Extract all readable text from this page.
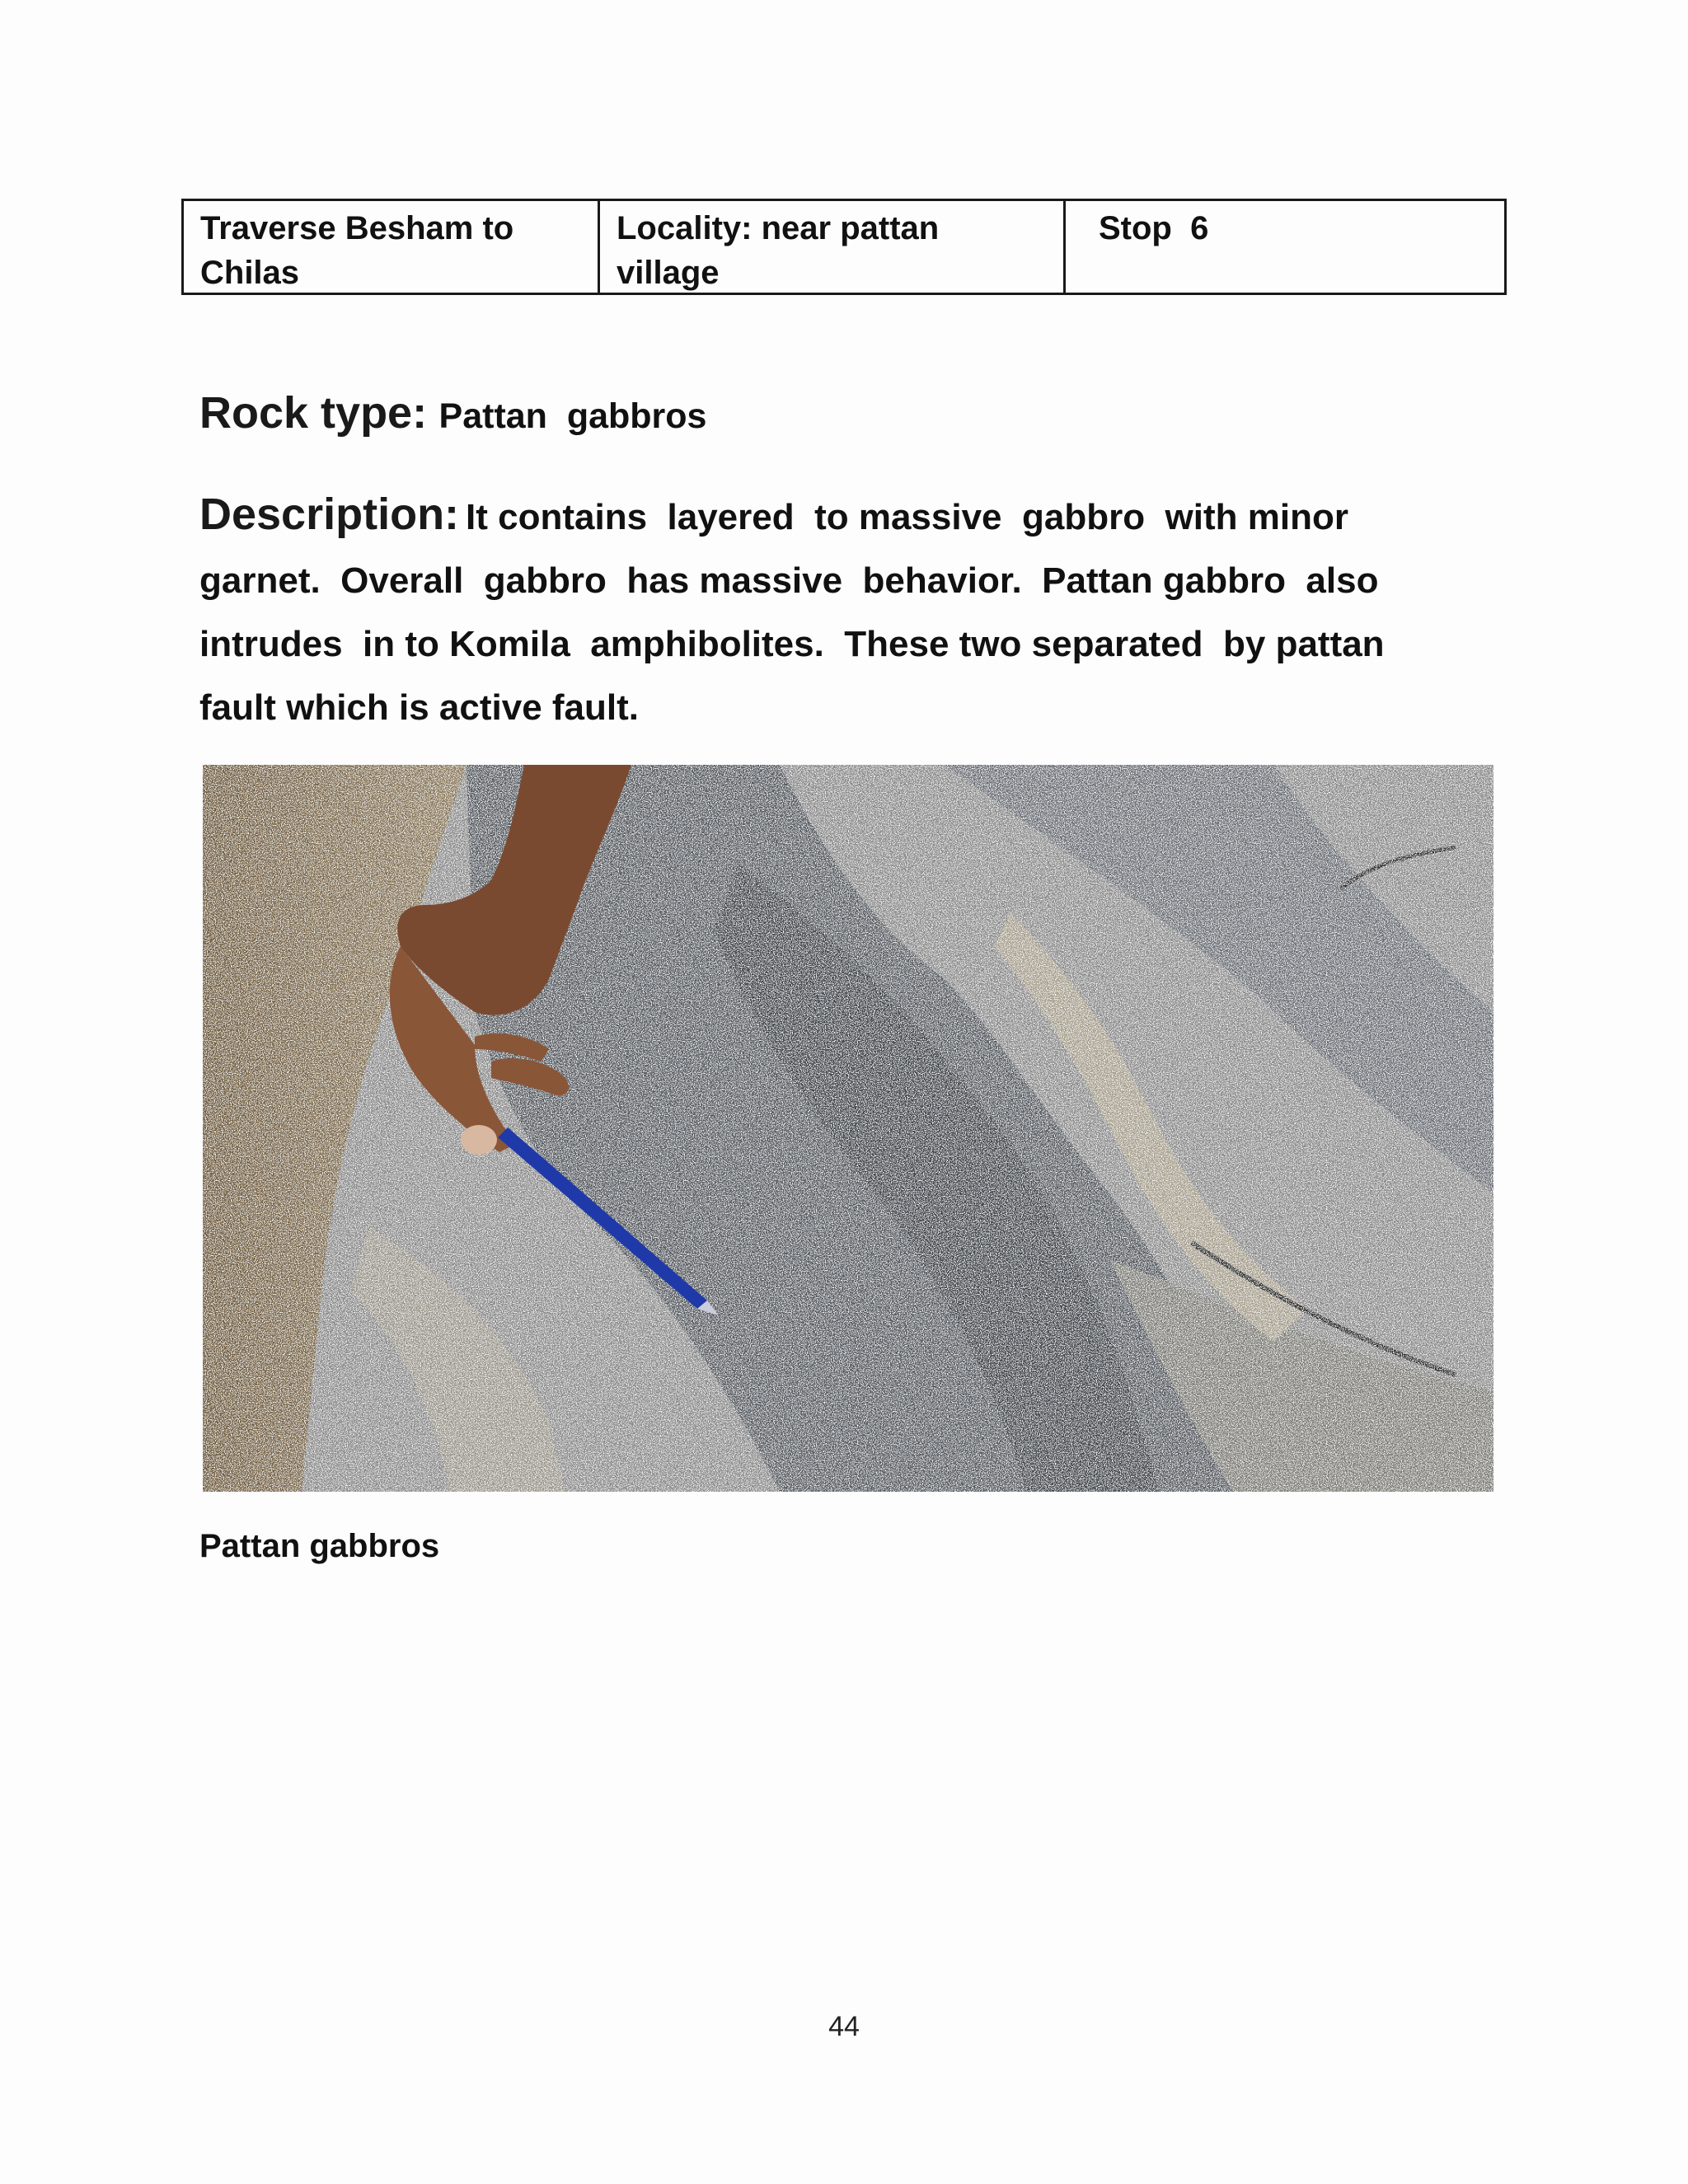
Traverse Besham to
Chilas
Locality: near pattan
village
Stop  6
Rock type: Pattan  gabbros
Description: It contains  layered  to massive  gabbro  with minor
garnet.  Overall  gabbro  has massive  behavior.  Pattan gabbro  also
intrudes  in to Komila  amphibolites.  These two separated  by pattan
fault which is active fault.
Pattan gabbros
44
